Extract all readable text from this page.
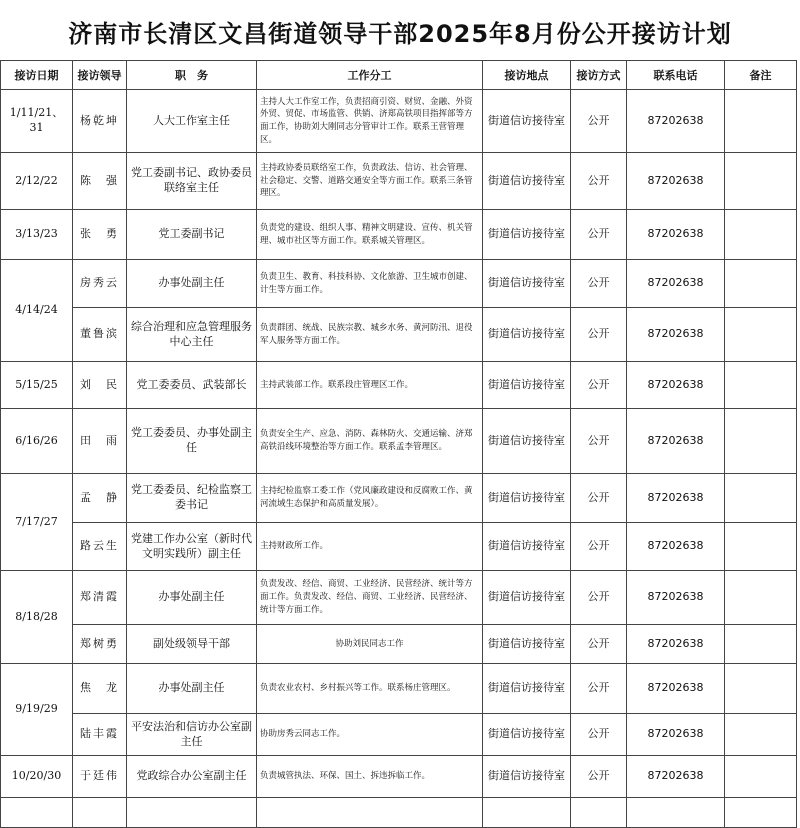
济南市长清区文昌街道领导干部2025年8月份公开接访计划
接访日期	接访领导	职　务	工作分工	接访地点	接访方式	联系电话	备注
1/11/21、31	杨乾坤	人大工作室主任	主持人大工作室工作，负责招商引资、财贸、金融、外资外贸、贸促、市场监管、供销、济郑高铁项目指挥部等方面工作，协助刘大刚同志分管审计工作。联系王营管理区。	街道信访接待室	公开	87202638	
2/12/22	陈　强	党工委副书记、政协委员联络室主任	主持政协委员联络室工作，负责政法、信访、社会管理、社会稳定、交警、道路交通安全等方面工作。联系三条管理区。	街道信访接待室	公开	87202638	
3/13/23	张　勇	党工委副书记	负责党的建设、组织人事、精神文明建设、宣传、机关管理、城市社区等方面工作。联系城关管理区。	街道信访接待室	公开	87202638	
4/14/24	房秀云	办事处副主任	负责卫生、教育、科技科协、文化旅游、卫生城市创建、计生等方面工作。	街道信访接待室	公开	87202638	
	董鲁滨	综合治理和应急管理服务中心主任	负责群团、统战、民族宗教、城乡水务、黄河防汛、退役军人服务等方面工作。	街道信访接待室	公开	87202638	
5/15/25	刘　民	党工委委员、武装部长	主持武装部工作。联系段庄管理区工作。	街道信访接待室	公开	87202638	
6/16/26	田　雨	党工委委员、办事处副主任	负责安全生产、应急、消防、森林防火、交通运输、济郑高铁沿线环境整治等方面工作。联系孟李管理区。	街道信访接待室	公开	87202638	
7/17/27	孟　静	党工委委员、纪检监察工委书记	主持纪检监察工委工作（党风廉政建设和反腐败工作、黄河流域生态保护和高质量发展）。	街道信访接待室	公开	87202638	
	路云生	党建工作办公室（新时代文明实践所）副主任	主持财政所工作。	街道信访接待室	公开	87202638	
8/18/28	郑清霞	办事处副主任	负责发改、经信、商贸、工业经济、民营经济、统计等方面工作。负责发改、经信、商贸、工业经济、民营经济、统计等方面工作。	街道信访接待室	公开	87202638	
	郑树勇	副处级领导干部	协助刘民同志工作	街道信访接待室	公开	87202638	
9/19/29	焦　龙	办事处副主任	负责农业农村、乡村振兴等工作。联系杨庄管理区。	街道信访接待室	公开	87202638	
	陆丰霞	平安法治和信访办公室副主任	协助房秀云同志工作。	街道信访接待室	公开	87202638	
10/20/30	于廷伟	党政综合办公室副主任	负责城管执法、环保、国土、拆违拆临工作。	街道信访接待室	公开	87202638	
